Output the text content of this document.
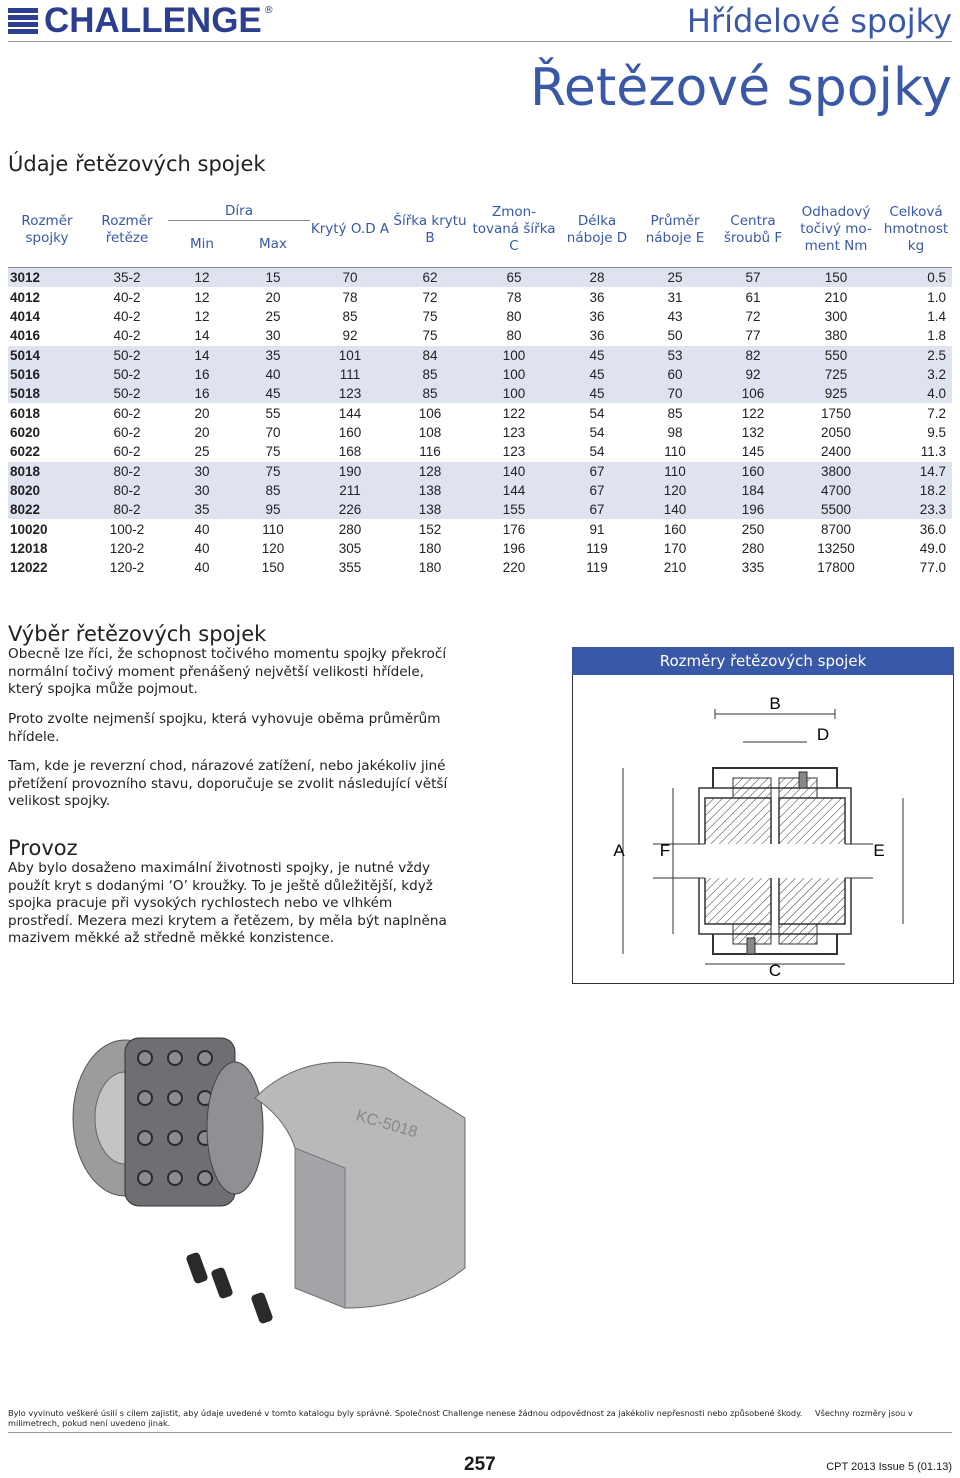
CHALLENGE ®	Hřídelové spojky
Řetězové spojky
Údaje řetězových spojek
Rozměr spojky	Rozměr řetěze	Díra		Krytý O.D A	Šířka krytu B	Zmon- tovaná šířka C	Délka náboje D	Průměr náboje E	Centra šroubů F	Odhadový točivý mo- ment Nm	Celková hmotnost kg
		Min	Max								
3012	35-2	12	15	70	62	65	28	25	57	150	0.5
4012	40-2	12	20	78	72	78	36	31	61	210	1.0
4014	40-2	12	25	85	75	80	36	43	72	300	1.4
4016	40-2	14	30	92	75	80	36	50	77	380	1.8
5014	50-2	14	35	101	84	100	45	53	82	550	2.5
5016	50-2	16	40	111	85	100	45	60	92	725	3.2
5018	50-2	16	45	123	85	100	45	70	106	925	4.0
6018	60-2	20	55	144	106	122	54	85	122	1750	7.2
6020	60-2	20	70	160	108	123	54	98	132	2050	9.5
6022	60-2	25	75	168	116	123	54	110	145	2400	11.3
8018	80-2	30	75	190	128	140	67	110	160	3800	14.7
8020	80-2	30	85	211	138	144	67	120	184	4700	18.2
8022	80-2	35	95	226	138	155	67	140	196	5500	23.3
10020	100-2	40	110	280	152	176	91	160	250	8700	36.0
12018	120-2	40	120	305	180	196	119	170	280	13250	49.0
12022	120-2	40	150	355	180	220	119	210	335	17800	77.0
Výběr řetězových spojek

Obecně lze říci, že schopnost točivého momentu spojky překročí normální točivý moment přenášený největší velikosti hřídele, který spojka může pojmout.

Proto zvolte nejmenší spojku, která vyhovuje oběma průměrům hřídele.

Tam, kde je reverzní chod, nárazové zatížení, nebo jakékoliv jiné přetížení provozního stavu, doporučuje se zvolit následující větší velikost spojky.

Provoz

Aby bylo dosaženo maximální životnosti spojky, je nutné vždy použít kryt s dodanými ‘O’ kroužky. To je ještě důležitější, když spojka pracuje při vysokých rychlostech nebo ve vlhkém prostředí. Mezera mezi krytem a řetězem, by měla být naplněna mazivem měkké až středně měkké konzistence.

Rozměry řetězových spojek
B
D
A F	E
C
KC-5018
Bylo vyvinuto veškeré úsilí s cílem zajistit, aby údaje uvedené v tomto katalogu byly správné. Společnost Challenge nenese žádnou odpovědnost za jakékoliv nepřesnosti nebo způsobené škody. Všechny rozměry jsou v milimetrech, pokud není uvedeno jinak.
257	CPT 2013 Issue 5 (01.13)
